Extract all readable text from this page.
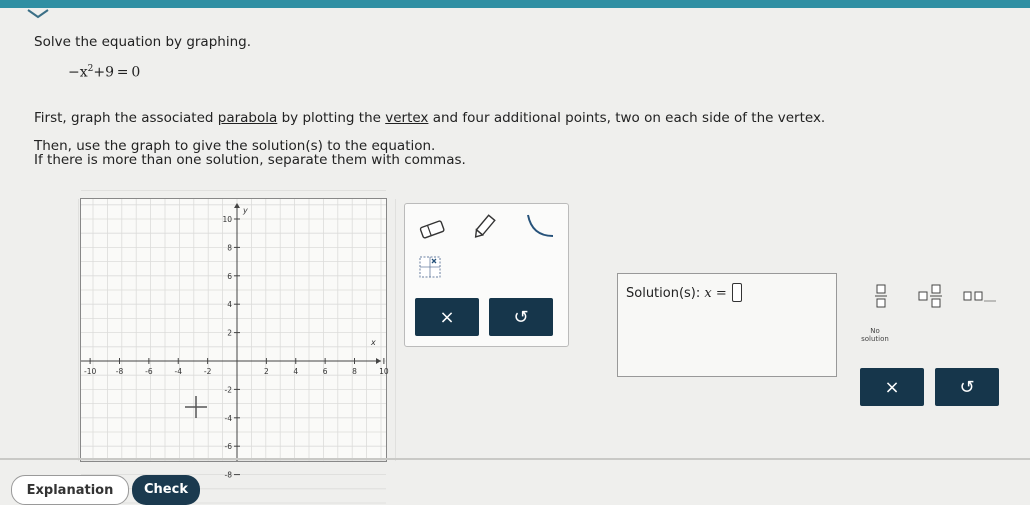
Solve the equation by graphing.
$-x^2+9 = 0$
First, graph the associated parabola by plotting the vertex and four additional points, two on each side of the vertex.
Then, use the graph to give the solution(s) to the equation.
If there is more than one solution, separate them with commas.
x
y
-10	-8	-6	-4	-2	2	4	6	8	10
10
8
6
4
2
-2
-4
-6
-8
×	↺
Solution(s): x =
No solution
×	↺
Explanation	Check
